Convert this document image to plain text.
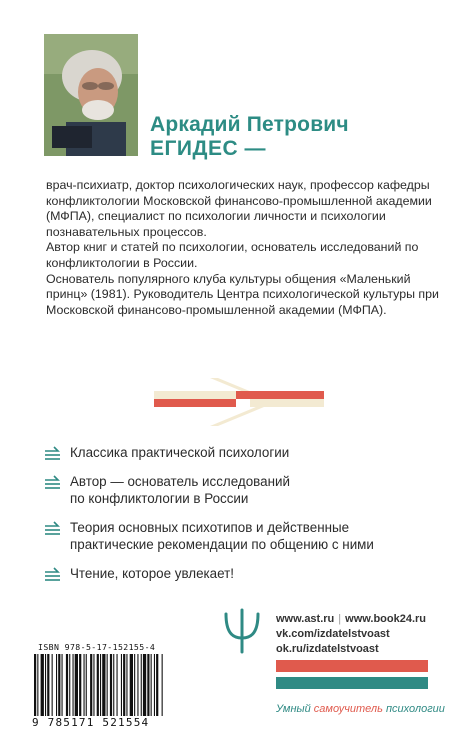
Аркадий Петрович
ЕГИДЕС —

врач-психиатр, доктор психологических наук, профессор кафедры конфликтологии Московской финансово-промышленной академии (МФПА), специалист по психологии личности и психологии познавательных процессов.

Автор книг и статей по психологии, основатель исследований по конфликтологии в России.

Основатель популярного клуба культуры общения «Маленький принц» (1981). Руководитель Центра психологической культуры при Московской финансово-промышленной академии (МФПА).

Классика практической психологии
Автор — основатель исследований
по конфликтологии в России
Теория основных психотипов и действенные
практические рекомендации по общению с ними
Чтение, которое увлекает!
www.ast.ru | www.book24.ru
vk.com/izdatelstvoast
ok.ru/izdatelstvoast
ISBN 978-5-17-152155-4
9 785171 521554
Умный самоучитель психологии
